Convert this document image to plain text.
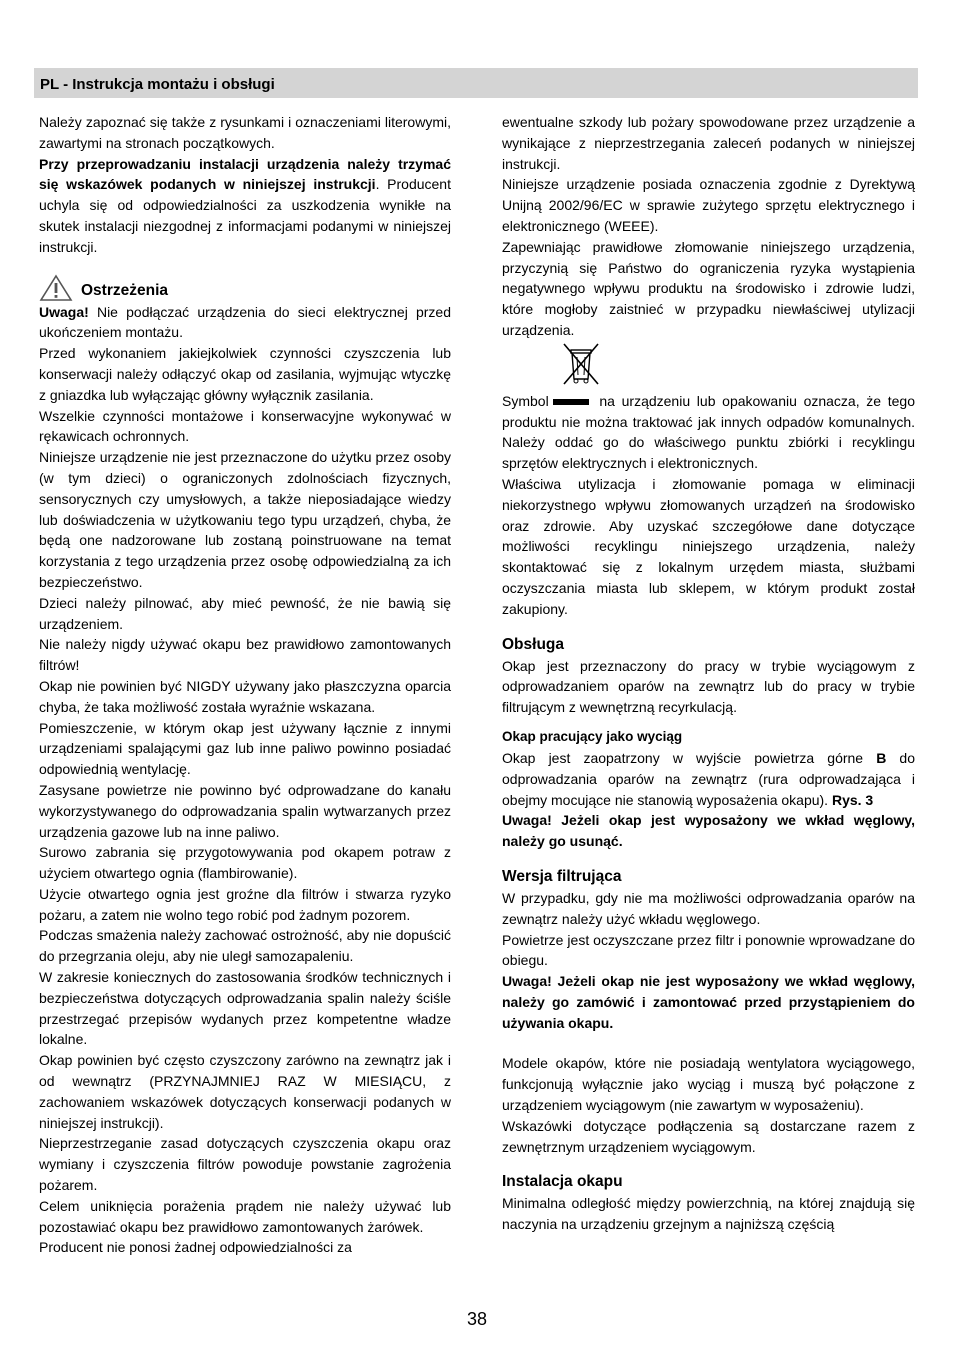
PL - Instrukcja montażu i obsługi

Należy zapoznać się także z rysunkami i oznaczeniami literowymi, zawartymi na stronach początkowych.

Przy przeprowadzaniu instalacji urządzenia należy trzymać się wskazówek podanych w niniejszej instrukcji. Producent uchyla się od odpowiedzialności za uszkodzenia wynikłe na skutek instalacji niezgodnej z informacjami podanymi w niniejszej instrukcji.

Ostrzeżenia

Uwaga! Nie podłączać urządzenia do sieci elektrycznej przed ukończeniem montażu.

Przed wykonaniem jakiejkolwiek czynności czyszczenia lub konserwacji należy odłączyć okap od zasilania, wyjmując wtyczkę z gniazdka lub wyłączając główny wyłącznik zasilania.

Wszelkie czynności montażowe i konserwacyjne wykonywać w rękawicach ochronnych.

Niniejsze urządzenie nie jest przeznaczone do użytku przez osoby (w tym dzieci) o ograniczonych zdolnościach fizycznych, sensorycznych czy umysłowych, a także nieposiadające wiedzy lub doświadczenia w użytkowaniu tego typu urządzeń, chyba, że będą one nadzorowane lub zostaną poinstruowane na temat korzystania z tego urządzenia przez osobę odpowiedzialną za ich bezpieczeństwo.

Dzieci należy pilnować, aby mieć pewność, że nie bawią się urządzeniem.

Nie należy nigdy używać okapu bez prawidłowo zamontowanych filtrów!

Okap nie powinien być NIGDY używany jako płaszczyzna oparcia chyba, że taka możliwość została wyraźnie wskazana.

Pomieszczenie, w którym okap jest używany łącznie z innymi urządzeniami spalającymi gaz lub inne paliwo powinno posiadać odpowiednią wentylację.

Zasysane powietrze nie powinno być odprowadzane do kanału wykorzystywanego do odprowadzania spalin wytwarzanych przez urządzenia gazowe lub na inne paliwo.

Surowo zabrania się przygotowywania pod okapem potraw z użyciem otwartego ognia (flambirowanie).

Użycie otwartego ognia jest groźne dla filtrów i stwarza ryzyko pożaru, a zatem nie wolno tego robić pod żadnym pozorem.

Podczas smażenia należy zachować ostrożność, aby nie dopuścić do przegrzania oleju, aby nie uległ samozapaleniu.

W zakresie koniecznych do zastosowania środków technicznych i bezpieczeństwa dotyczących odprowadzania spalin należy ściśle przestrzegać przepisów wydanych przez kompetentne władze lokalne.

Okap powinien być często czyszczony zarówno na zewnątrz jak i od wewnątrz (PRZYNAJMNIEJ RAZ W MIESIĄCU, z zachowaniem wskazówek dotyczących konserwacji podanych w niniejszej instrukcji).

Nieprzestrzeganie zasad dotyczących czyszczenia okapu oraz wymiany i czyszczenia filtrów powoduje powstanie zagrożenia pożarem.

Celem uniknięcia porażenia prądem nie należy używać lub pozostawiać okapu bez prawidłowo zamontowanych żarówek.

Producent nie ponosi żadnej odpowiedzialności za

ewentualne szkody lub pożary spowodowane przez urządzenie a wynikające z nieprzestrzegania zaleceń podanych w niniejszej instrukcji.

Niniejsze urządzenie posiada oznaczenia zgodnie z Dyrektywą Unijną 2002/96/EC w sprawie zużytego sprzętu elektrycznego i elektronicznego (WEEE).

Zapewniając prawidłowe złomowanie niniejszego urządzenia, przyczynią się Państwo do ograniczenia ryzyka wystąpienia negatywnego wpływu produktu na środowisko i zdrowie ludzi, które mogłoby zaistnieć w przypadku niewłaściwej utylizacji urządzenia.

Symbol	na urządzeniu lub opakowaniu oznacza, że tego produktu nie można traktować jak innych odpadów komunalnych. Należy oddać go do właściwego punktu zbiórki i recyklingu sprzętów elektrycznych i elektronicznych.

Właściwa utylizacja i złomowanie pomaga w eliminacji niekorzystnego wpływu złomowanych urządzeń na środowisko oraz zdrowie. Aby uzyskać szczegółowe dane dotyczące możliwości recyklingu niniejszego urządzenia, należy skontaktować się z lokalnym urzędem miasta, służbami oczyszczania miasta lub sklepem, w którym produkt został zakupiony.

Obsługa

Okap jest przeznaczony do pracy w trybie wyciągowym z odprowadzaniem oparów na zewnątrz lub do pracy w trybie filtrującym z wewnętrzną recyrkulacją.

Okap pracujący jako wyciąg

Okap jest zaopatrzony w wyjście powietrza górne B do odprowadzania oparów na zewnątrz (rura odprowadzająca i obejmy mocujące nie stanowią wyposażenia okapu). Rys. 3

Uwaga! Jeżeli okap jest wyposażony we wkład węglowy, należy go usunąć.

Wersja filtrująca

W przypadku, gdy nie ma możliwości odprowadzania oparów na zewnątrz należy użyć wkładu węglowego.

Powietrze jest oczyszczane przez filtr i ponownie wprowadzane do obiegu.

Uwaga! Jeżeli okap nie jest wyposażony we wkład węglowy, należy go zamówić i zamontować przed przystąpieniem do używania okapu.

Modele okapów, które nie posiadają wentylatora wyciągowego, funkcjonują wyłącznie jako wyciąg i muszą być połączone z urządzeniem wyciągowym (nie zawartym w wyposażeniu).

Wskazówki dotyczące podłączenia są dostarczane razem z zewnętrznym urządzeniem wyciągowym.

Instalacja okapu

Minimalna odległość między powierzchnią, na której znajdują się naczynia na urządzeniu grzejnym a najniższą częścią

38
